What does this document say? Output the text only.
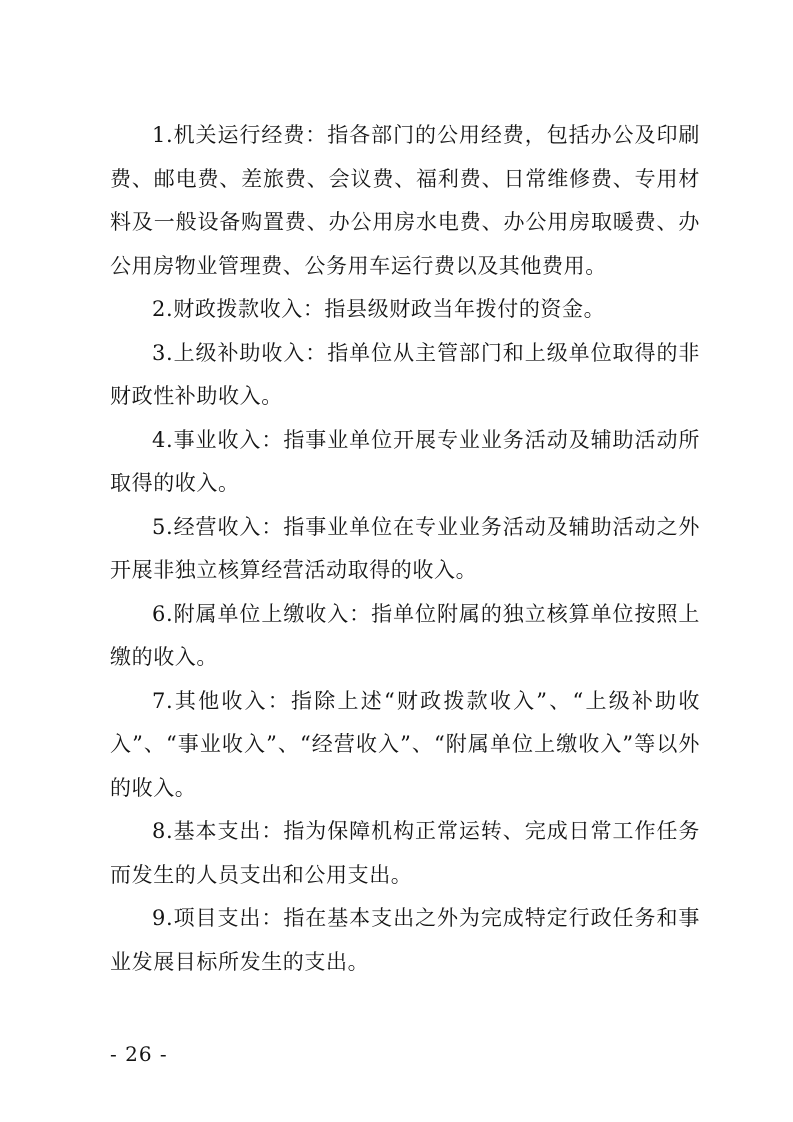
1.机关运行经费：指各部门的公用经费，包括办公及印刷费、邮电费、差旅费、会议费、福利费、日常维修费、专用材料及一般设备购置费、办公用房水电费、办公用房取暖费、办公用房物业管理费、公务用车运行费以及其他费用。

2.财政拨款收入：指县级财政当年拨付的资金。

3.上级补助收入：指单位从主管部门和上级单位取得的非财政性补助收入。

4.事业收入：指事业单位开展专业业务活动及辅助活动所取得的收入。

5.经营收入：指事业单位在专业业务活动及辅助活动之外开展非独立核算经营活动取得的收入。

6.附属单位上缴收入：指单位附属的独立核算单位按照上缴的收入。

7.其他收入：指除上述“财政拨款收入”、“上级补助收入”、“事业收入”、“经营收入”、“附属单位上缴收入”等以外的收入。

8.基本支出：指为保障机构正常运转、完成日常工作任务而发生的人员支出和公用支出。

9.项目支出：指在基本支出之外为完成特定行政任务和事业发展目标所发生的支出。

- 26 -
